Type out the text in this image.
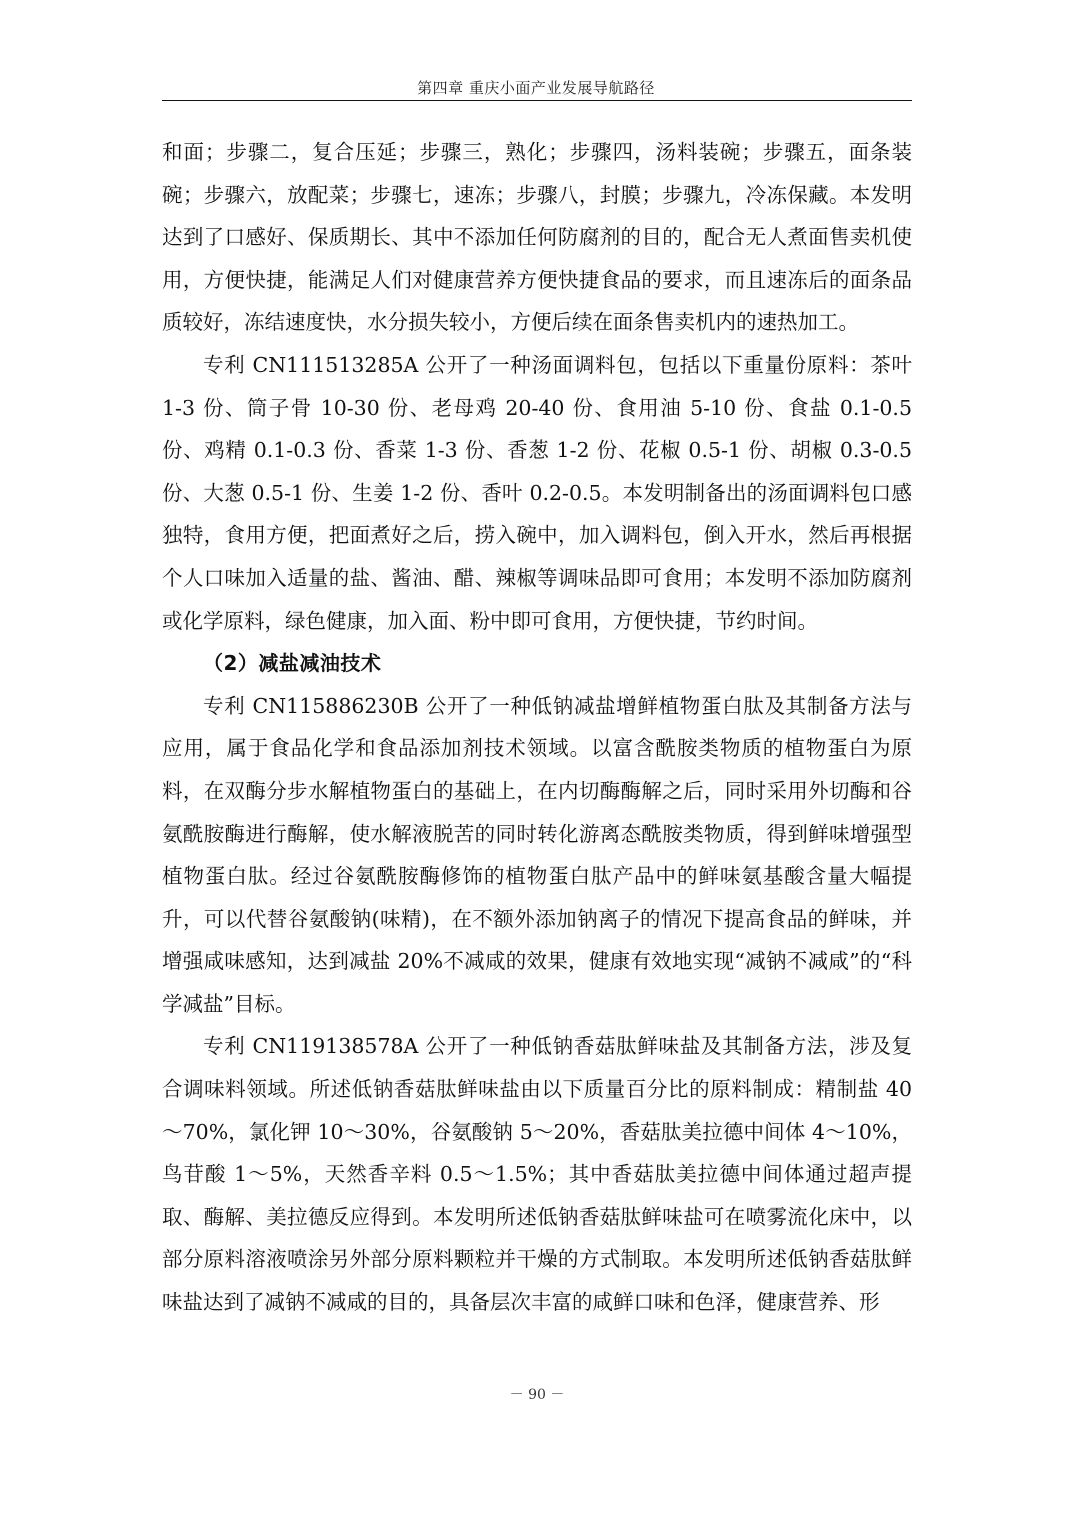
第四章 重庆小面产业发展导航路径

和面；步骤二，复合压延；步骤三，熟化；步骤四，汤料装碗；步骤五，面条装碗；步骤六，放配菜；步骤七，速冻；步骤八，封膜；步骤九，冷冻保藏。本发明达到了口感好、保质期长、其中不添加任何防腐剂的目的，配合无人煮面售卖机使用，方便快捷，能满足人们对健康营养方便快捷食品的要求，而且速冻后的面条品质较好，冻结速度快，水分损失较小，方便后续在面条售卖机内的速热加工。

专利 CN111513285A 公开了一种汤面调料包，包括以下重量份原料：茶叶 1-3 份、筒子骨 10-30 份、老母鸡 20-40 份、食用油 5-10 份、食盐 0.1-0.5 份、鸡精 0.1-0.3 份、香菜 1-3 份、香葱 1-2 份、花椒 0.5-1 份、胡椒 0.3-0.5 份、大葱 0.5-1 份、生姜 1-2 份、香叶 0.2-0.5。本发明制备出的汤面调料包口感独特，食用方便，把面煮好之后，捞入碗中，加入调料包，倒入开水，然后再根据个人口味加入适量的盐、酱油、醋、辣椒等调味品即可食用；本发明不添加防腐剂或化学原料，绿色健康，加入面、粉中即可食用，方便快捷，节约时间。

（2）减盐减油技术

专利 CN115886230B 公开了一种低钠减盐增鲜植物蛋白肽及其制备方法与应用，属于食品化学和食品添加剂技术领域。以富含酰胺类物质的植物蛋白为原料，在双酶分步水解植物蛋白的基础上，在内切酶酶解之后，同时采用外切酶和谷氨酰胺酶进行酶解，使水解液脱苦的同时转化游离态酰胺类物质，得到鲜味增强型植物蛋白肽。经过谷氨酰胺酶修饰的植物蛋白肽产品中的鲜味氨基酸含量大幅提升，可以代替谷氨酸钠(味精)，在不额外添加钠离子的情况下提高食品的鲜味，并增强咸味感知，达到减盐 20%不减咸的效果，健康有效地实现“减钠不减咸”的“科学减盐”目标。

专利 CN119138578A 公开了一种低钠香菇肽鲜味盐及其制备方法，涉及复合调味料领域。所述低钠香菇肽鲜味盐由以下质量百分比的原料制成：精制盐 40～70%，氯化钾 10～30%，谷氨酸钠 5～20%，香菇肽美拉德中间体 4～10%，鸟苷酸 1～5%，天然香辛料 0.5～1.5%；其中香菇肽美拉德中间体通过超声提取、酶解、美拉德反应得到。本发明所述低钠香菇肽鲜味盐可在喷雾流化床中，以部分原料溶液喷涂另外部分原料颗粒并干燥的方式制取。本发明所述低钠香菇肽鲜味盐达到了减钠不减咸的目的，具备层次丰富的咸鲜口味和色泽，健康营养、形

－ 90 －
